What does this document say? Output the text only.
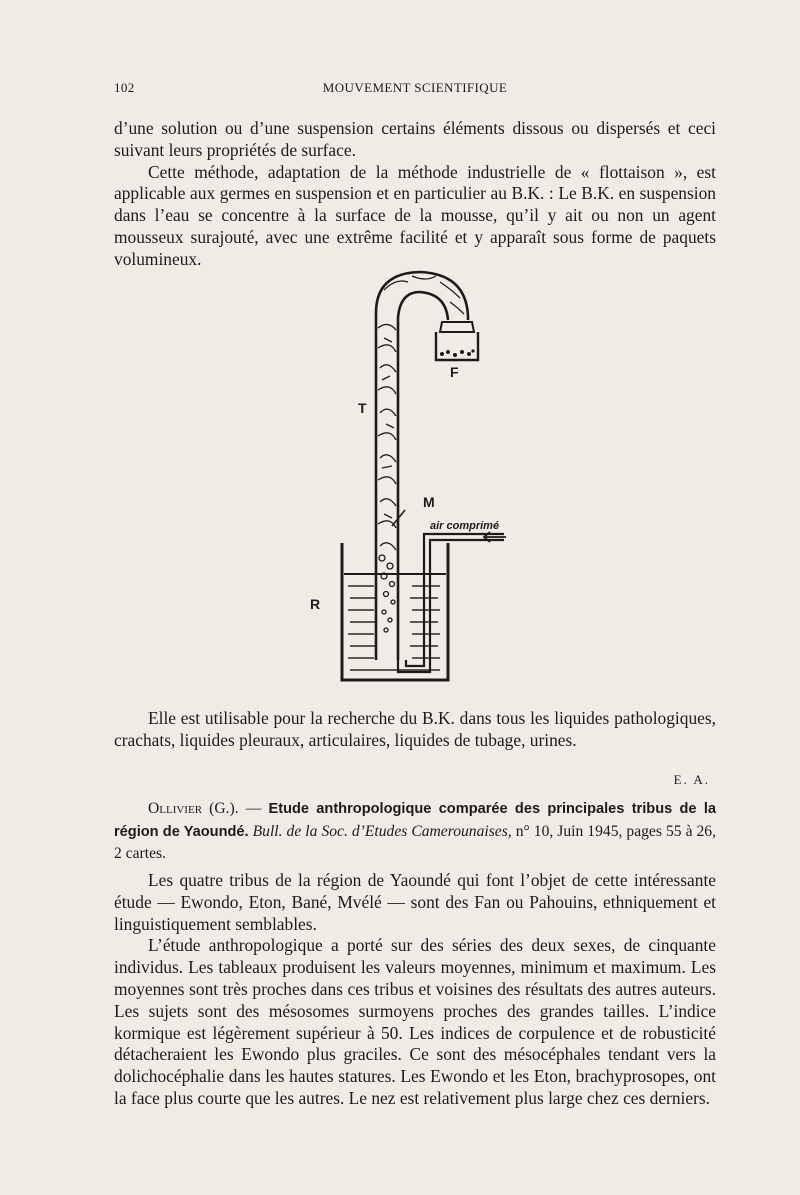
102	MOUVEMENT SCIENTIFIQUE

d’une solution ou d’une suspension certains éléments dissous ou dispersés et ceci suivant leurs propriétés de surface.

Cette méthode, adaptation de la méthode industrielle de « flottaison », est applicable aux germes en suspension et en particulier au B.K. : Le B.K. en suspension dans l’eau se concentre à la surface de la mousse, qu’il y ait ou non un agent mousseux surajouté, avec une extrême facilité et y apparaît sous forme de paquets volumineux.

T
F
M
R
air comprimé

Elle est utilisable pour la recherche du B.K. dans tous les liquides pathologiques, crachats, liquides pleuraux, articulaires, liquides de tubage, urines.

E. A.

Ollivier (G.). — Etude anthropologique comparée des principales tribus de la région de Yaoundé. Bull. de la Soc. d’Etudes Camerounaises, n° 10, Juin 1945, pages 55 à 26, 2 cartes.

Les quatre tribus de la région de Yaoundé qui font l’objet de cette intéressante étude — Ewondo, Eton, Bané, Mvélé — sont des Fan ou Pahouins, ethniquement et linguistiquement semblables.

L’étude anthropologique a porté sur des séries des deux sexes, de cinquante individus. Les tableaux produisent les valeurs moyennes, minimum et maximum. Les moyennes sont très proches dans ces tribus et voisines des résultats des autres auteurs. Les sujets sont des mésosomes surmoyens proches des grandes tailles. L’indice kormique est légèrement supérieur à 50. Les indices de corpulence et de robusticité détacheraient les Ewondo plus graciles. Ce sont des mésocéphales tendant vers la dolichocéphalie dans les hautes statures. Les Ewondo et les Eton, brachyprosopes, ont la face plus courte que les autres. Le nez est relativement plus large chez ces derniers.
